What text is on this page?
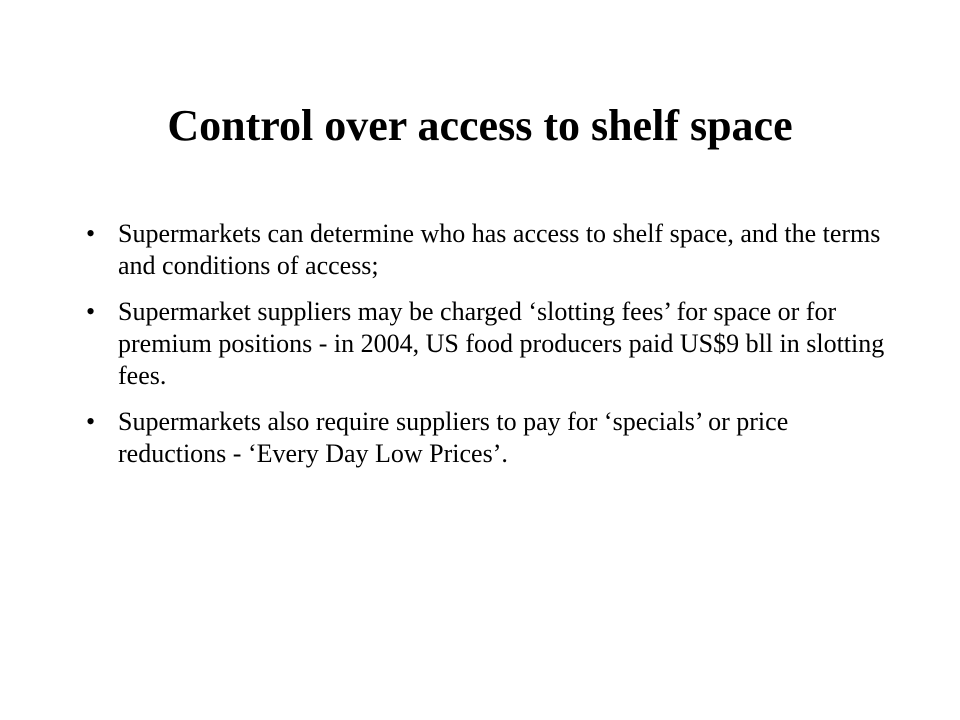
Control over access to shelf space
• Supermarkets can determine who has access to shelf space, and the terms and conditions of access;
• Supermarket suppliers may be charged ‘slotting fees’ for space or for premium positions - in 2004, US food producers paid US$9 bll in slotting fees.
• Supermarkets also require suppliers to pay for ‘specials’ or price reductions - ‘Every Day Low Prices’.
